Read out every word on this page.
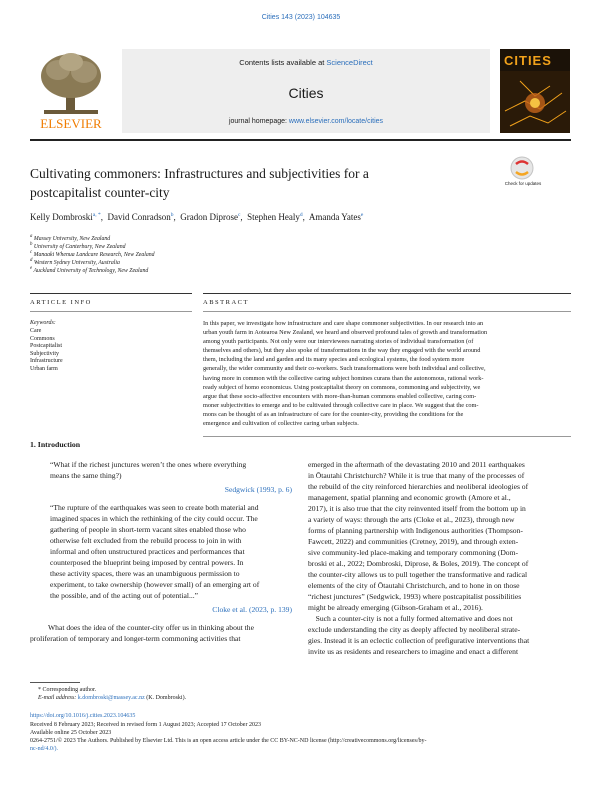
Cities 143 (2023) 104635
Contents lists available at ScienceDirect
Cities
journal homepage: www.elsevier.com/locate/cities
ELSEVIER
CITIES
Cultivating commoners: Infrastructures and subjectivities for a
postcapitalist counter-city
Check for updates
Kelly Dombroski$^{a, *}$,  David Conradson$^b$,  Gradon Diprose$^c$,  Stephen Healy$^d$,  Amanda Yates$^e$
$^a$ Massey University, New Zealand
$^b$ University of Canterbury, New Zealand
$^c$ Manaaki Whenua Landcare Research, New Zealand
$^d$ Western Sydney University, Australia
$^e$ Auckland University of Technology, New Zealand
ARTICLE INFO	ABSTRACT
Keywords:
Care
Commons
Postcapitalist
Subjectivity
Infrastructure
Urban farm
In this paper, we investigate how infrastructure and care shape commoner subjectivities. In our research into an
urban youth farm in Aotearoa New Zealand, we heard and observed profound tales of growth and transformation
among youth participants. Not only were our interviewees narrating stories of individual transformation (of
themselves and others), but they also spoke of transformations in the way they engaged with the world around
them, including the land and garden and its many species and ecological systems, the food system more
generally, the wider community and their co-workers. Such transformations were both individual and collective,
having more in common with the collective caring subject homines curans than the autonomous, rational work-
ready subject of homo economicus. Using postcapitalist theory on commons, commoning and subjectivity, we
argue that these socio-affective encounters with more-than-human commons enabled collective, caring com-
moner subjectivities to emerge and to be cultivated through collective care in place. We suggest that the com-
mons can be thought of as an infrastructure of care for the counter-city, providing the conditions for the
emergence and cultivation of collective caring urban subjects.
1. Introduction
“What if the richest junctures weren’t the ones where everything
means the same thing?)
Sedgwick (1993, p. 6)
“The rupture of the earthquakes was seen to create both material and
imagined spaces in which the rethinking of the city could occur. The
gathering of people in short-term vacant sites enabled those who
otherwise felt excluded from the rebuild process to join in with
informal and often unstructured practices and performances that
counterposed the blueprint being imposed by central powers. In
these activity spaces, there was an unambiguous permission to
experiment, to take ownership (however small) of an emerging art of
the possible, and of the acting out of potential...”
Cloke et al. (2023, p. 139)
What does the idea of the counter-city offer us in thinking about the
proliferation of temporary and longer-term commoning activities that
emerged in the aftermath of the devastating 2010 and 2011 earthquakes
in Ōtautahi Christchurch? While it is true that many of the processes of
the rebuild of the city reinforced hierarchies and neoliberal ideologies of
management, spatial planning and economic growth (Amore et al.,
2017), it is also true that the city reinvented itself from the bottom up in
a variety of ways: through the arts (Cloke et al., 2023), through new
forms of planning partnership with Indigenous authorities (Thompson-
Fawcett, 2022) and communities (Cretney, 2019), and through exten-
sive community-led place-making and temporary commoning (Dom-
broski et al., 2022; Dombroski, Diprose, & Boles, 2019). The concept of
the counter-city allows us to pull together the transformative and radical
elements of the city of Ōtautahi Christchurch, and to hone in on those
“richest junctures” (Sedgwick, 1993) where postcapitalist possibilities
might be already emerging (Gibson-Graham et al., 2016).
Such a counter-city is not a fully formed alternative and does not
exclude understanding the city as deeply affected by neoliberal strate-
gies. Instead it is an eclectic collection of prefigurative interventions that
invite us as residents and researchers to imagine and enact a different
* Corresponding author.
E-mail address: k.dombroski@massey.ac.nz (K. Dombroski).
https://doi.org/10.1016/j.cities.2023.104635
Received 8 February 2023; Received in revised form 1 August 2023; Accepted 17 October 2023
Available online 25 October 2023
0264-2751/© 2023 The Authors. Published by Elsevier Ltd. This is an open access article under the CC BY-NC-ND license (http://creativecommons.org/licenses/by-
nc-nd/4.0/).
